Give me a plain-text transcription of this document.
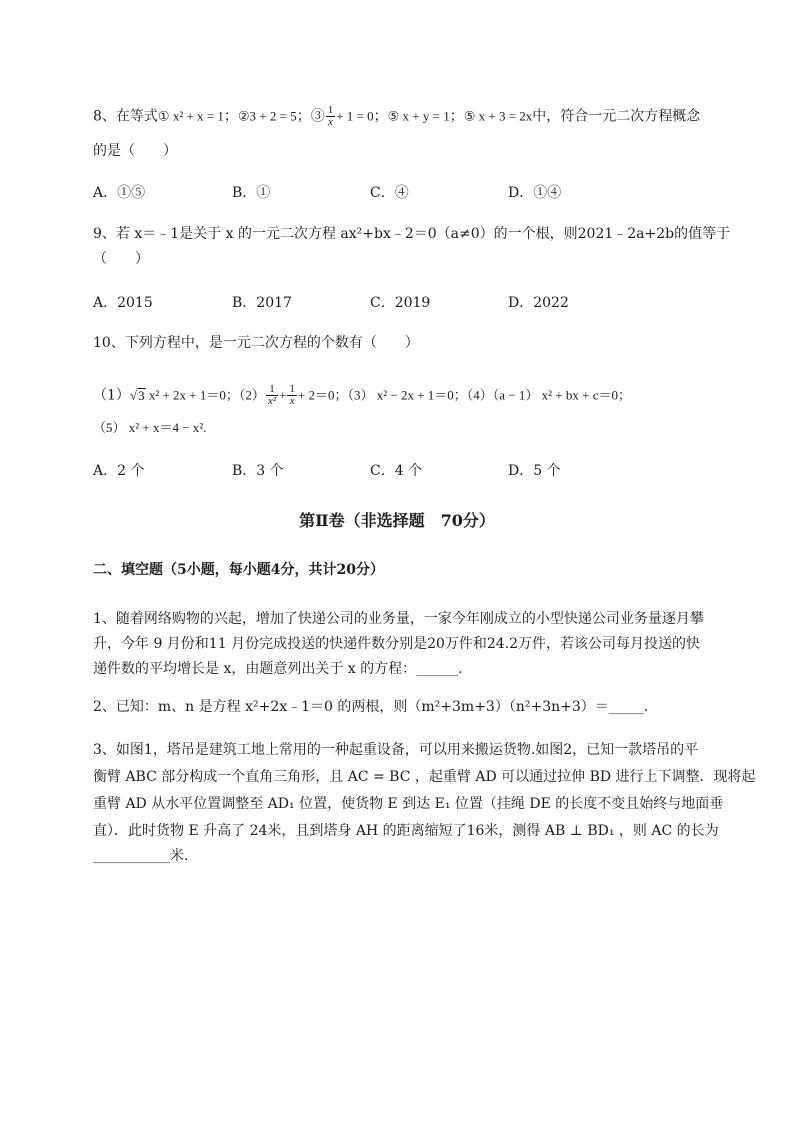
8、在等式① x² + x = 1；②3 + 2 = 5；③ $\frac{1}{x} + 1 = 0$；⑤ x + y = 1；⑤ x + 3 = 2x中，符合一元二次方程概念
的是（　　）
A．①⑤	B．①	C．④	D．①④
9、若 x＝﹣1是关于 x 的一元二次方程 ax²+bx﹣2＝0（a≠0）的一个根，则2021﹣2a+2b的值等于
（　　）
A．2015	B．2017	C．2019	D．2022
10、下列方程中，是一元二次方程的个数有（　　）
（1）√3 x² + 2x + 1＝0；$(2) \frac{1}{\text{x²}} + \frac{1}{x} + 2=0$；（3） x² − 2x + 1＝0；（4）（a − 1） x² + bx + c＝0；
（5） x² + x＝4 − x².
A．2 个	B．3 个	C．4 个	D．5 个
第Ⅱ卷（非选择题　70分）
二、填空题（5小题，每小题4分，共计20分）
1、随着网络购物的兴起，增加了快递公司的业务量，一家今年刚成立的小型快递公司业务量逐月攀
升，今年 9 月份和11 月份完成投送的快递件数分别是20万件和24.2万件，若该公司每月投送的快
递件数的平均增长是 x，由题意列出关于 x 的方程：______.
2、已知：m、n 是方程 x²+2x﹣1＝0 的两根，则（m²+3m+3）（n²+3n+3）＝_____.
3、如图1，塔吊是建筑工地上常用的一种起重设备，可以用来搬运货物.如图2，已知一款塔吊的平
衡臂 ABC 部分构成一个直角三角形，且 AC = BC ，起重臂 AD 可以通过拉伸 BD 进行上下调整．现将起
重臂 AD 从水平位置调整至 AD₁ 位置，使货物 E 到达 E₁ 位置（挂绳 DE 的长度不变且始终与地面垂
直）．此时货物 E 升高了 24米，且到塔身 AH 的距离缩短了16米，测得 AB ⊥ BD₁ ，则 AC 的长为
___________米．
